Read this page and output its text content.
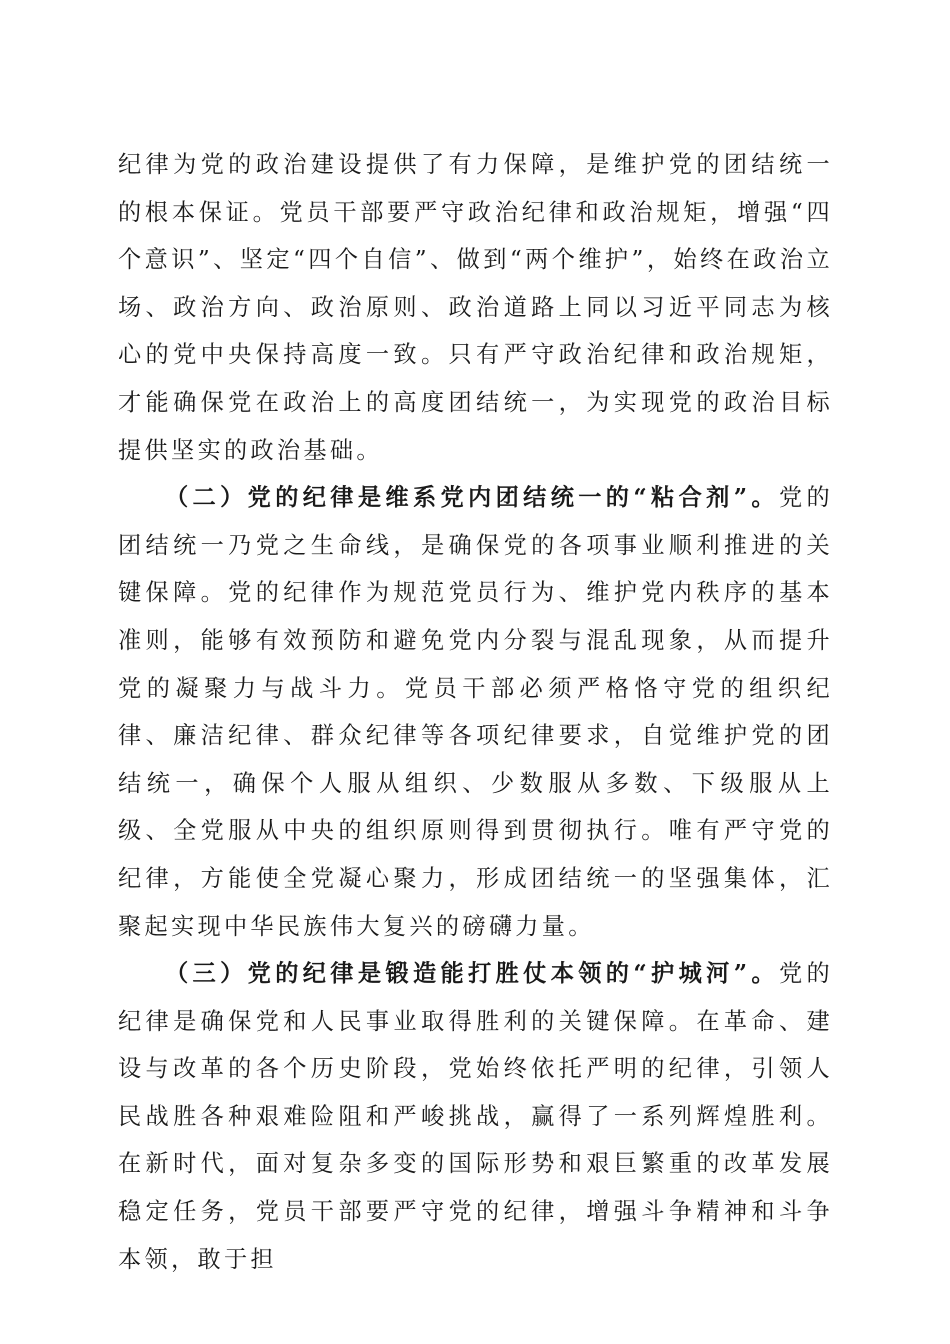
纪律为党的政治建设提供了有力保障，是维护党的团结统一的根本保证。党员干部要严守政治纪律和政治规矩，增强“四个意识”、坚定“四个自信”、做到“两个维护”，始终在政治立场、政治方向、政治原则、政治道路上同以习近平同志为核心的党中央保持高度一致。只有严守政治纪律和政治规矩，才能确保党在政治上的高度团结统一，为实现党的政治目标提供坚实的政治基础。

（二）党的纪律是维系党内团结统一的“粘合剂”。党的团结统一乃党之生命线，是确保党的各项事业顺利推进的关键保障。党的纪律作为规范党员行为、维护党内秩序的基本准则，能够有效预防和避免党内分裂与混乱现象，从而提升党的凝聚力与战斗力。党员干部必须严格恪守党的组织纪律、廉洁纪律、群众纪律等各项纪律要求，自觉维护党的团结统一，确保个人服从组织、少数服从多数、下级服从上级、全党服从中央的组织原则得到贯彻执行。唯有严守党的纪律，方能使全党凝心聚力，形成团结统一的坚强集体，汇聚起实现中华民族伟大复兴的磅礴力量。

（三）党的纪律是锻造能打胜仗本领的“护城河”。党的纪律是确保党和人民事业取得胜利的关键保障。在革命、建设与改革的各个历史阶段，党始终依托严明的纪律，引领人民战胜各种艰难险阻和严峻挑战，赢得了一系列辉煌胜利。在新时代，面对复杂多变的国际形势和艰巨繁重的改革发展稳定任务，党员干部要严守党的纪律，增强斗争精神和斗争本领，敢于担
